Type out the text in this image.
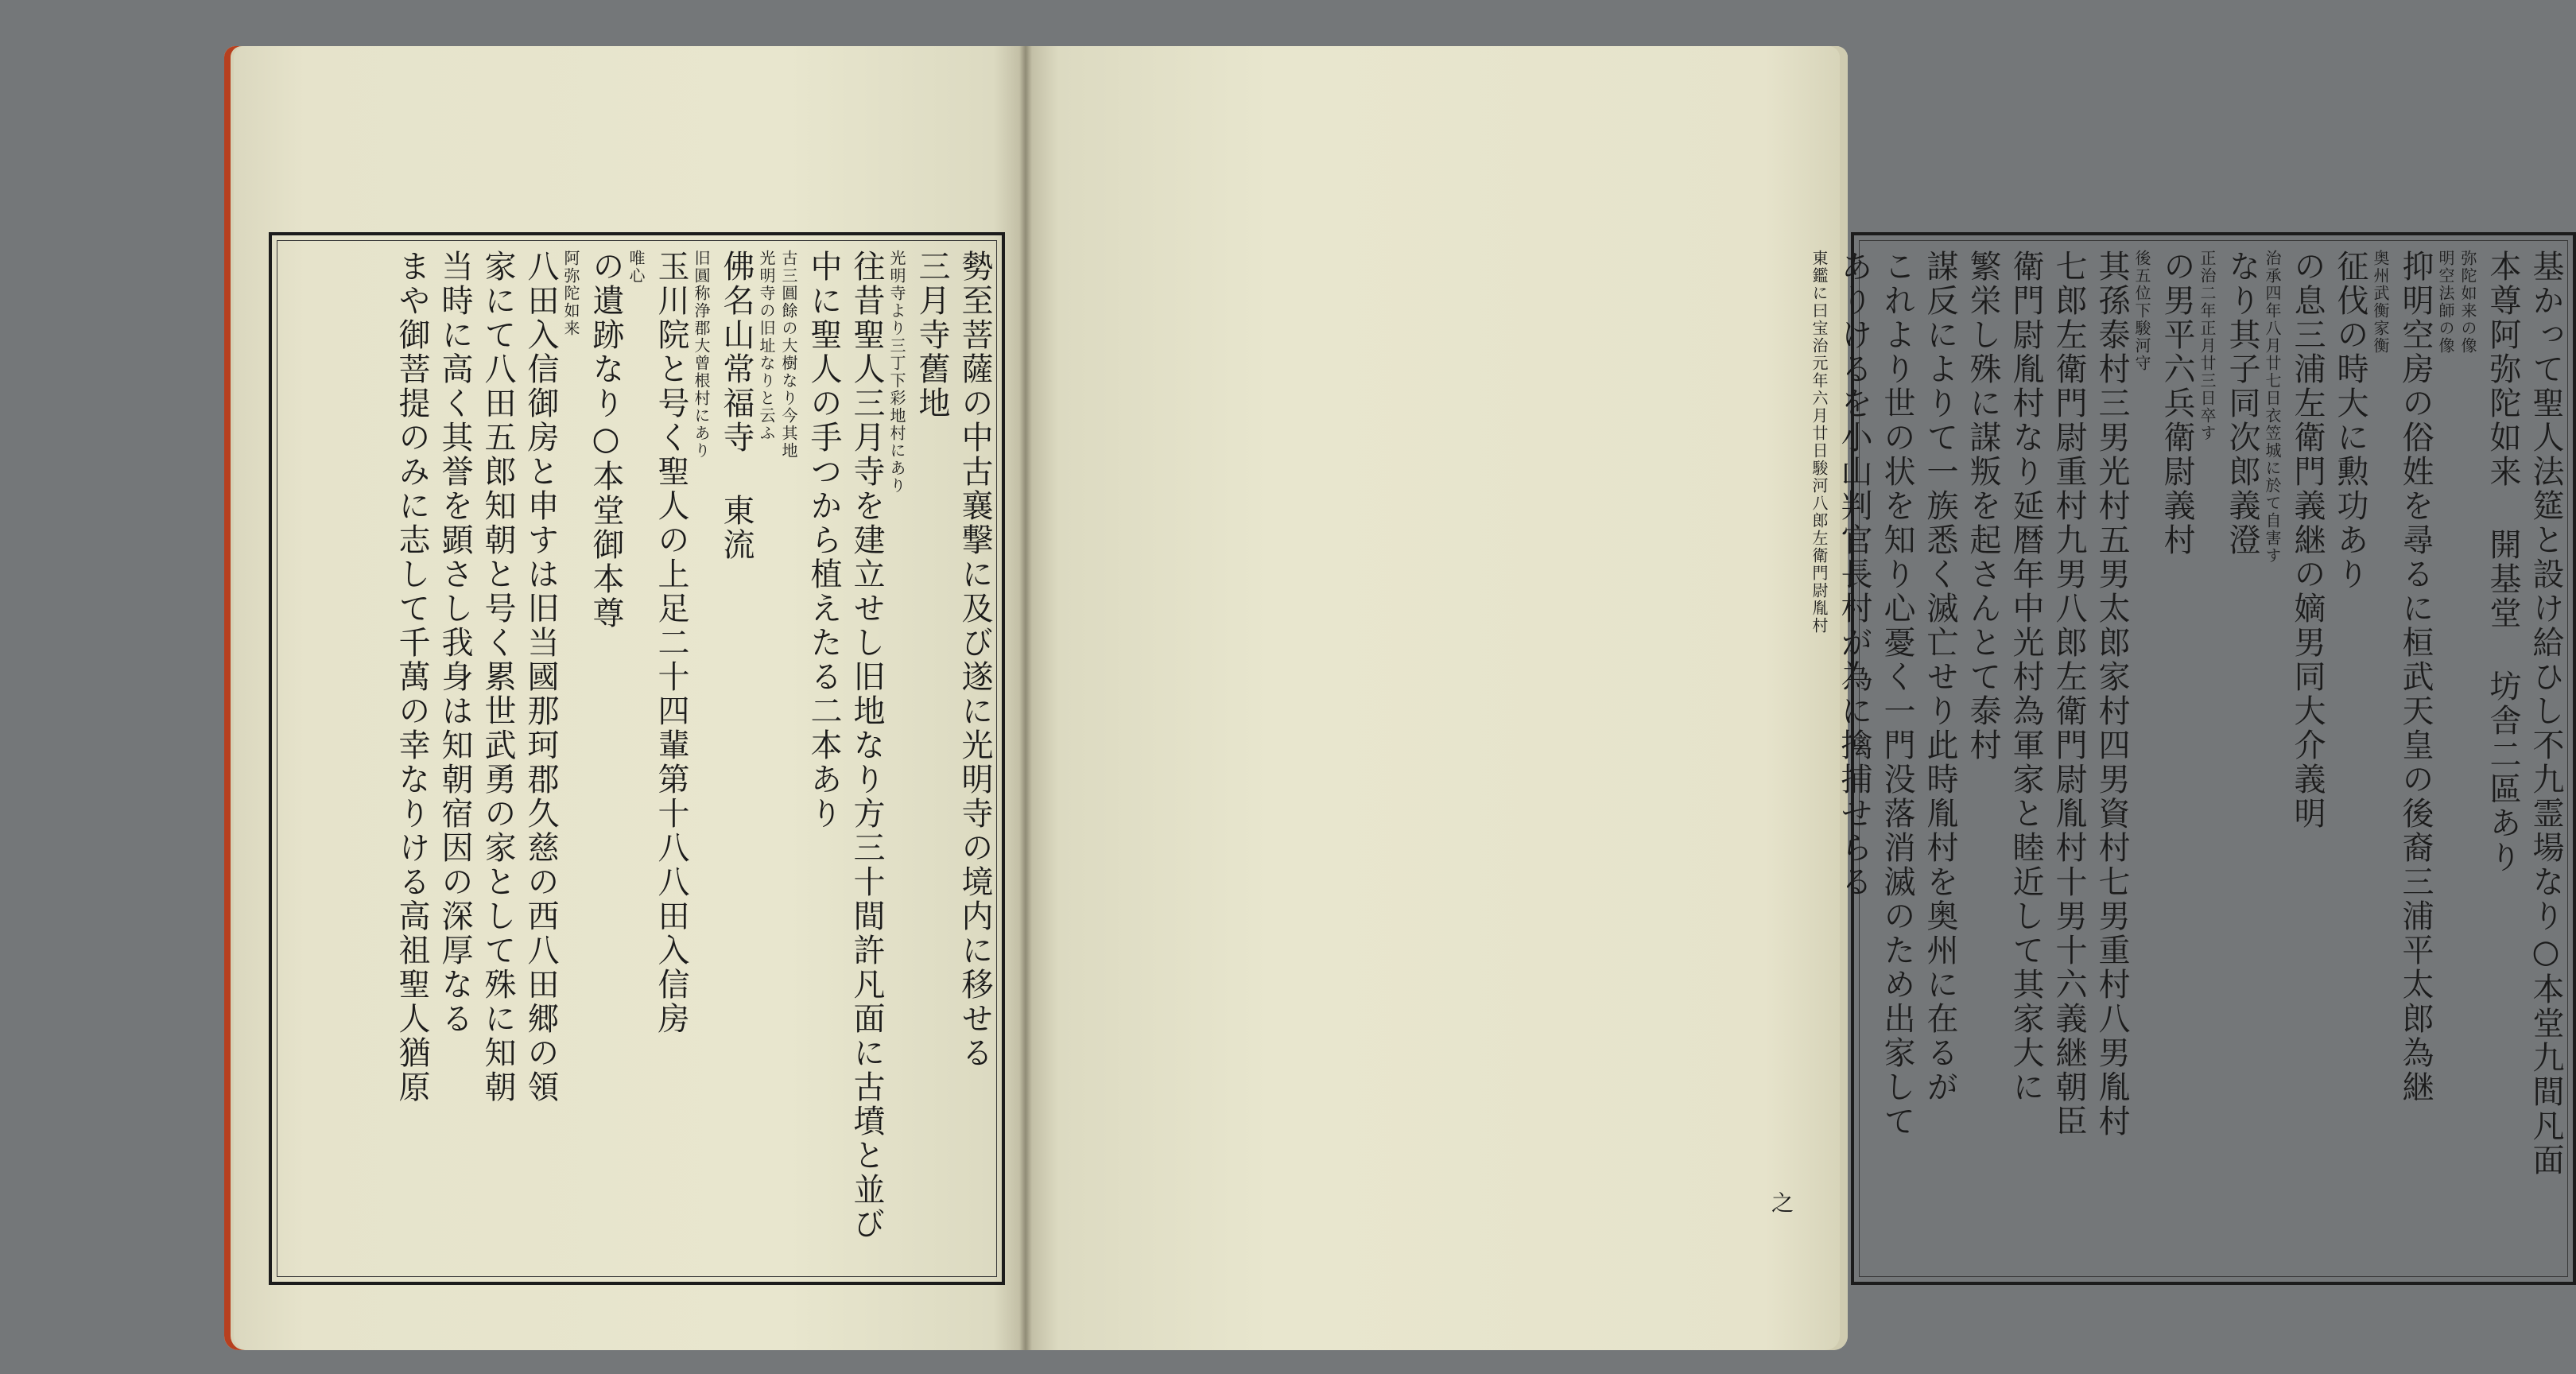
勢至菩薩の中古襄撃に及び遂に光明寺の境内に移せる
三月寺舊地
光明寺より三丁下彩地村にあり
往昔聖人三月寺を建立せし旧地なり方三十間許凡面に古墳と並び
中に聖人の手つから植えたる二本あり
古三圓餘の大樹なり今其地
光明寺の旧址なりと云ふ
佛名山常福寺 東流
旧圓称浄郡大曾根村にあり
玉川院と号く聖人の上足二十四輩第十八八田入信房
唯心
の遺跡なり○本堂御本尊
阿弥陀如来
八田入信御房と申すは旧当國那珂郡久慈の西八田郷の領
家にて八田五郎知朝と号く累世武勇の家として殊に知朝
当時に高く其誉を顕さし我身は知朝宿因の深厚なる
まや御菩提のみに志して千萬の幸なりける高祖聖人猶原	基かって聖人法筵と設け給ひし不九霊場なり○本堂九間凡面
本尊阿弥陀如来 開基堂 坊舎二區あり
弥陀如来の像
明空法師の像
抑明空房の俗姓を尋るに桓武天皇の後裔三浦平太郎為継
奥州武衡家衡
征伐の時大に勲功あり
の息三浦左衛門義継の嫡男同大介義明
治承四年八月廿七日衣笠城に於て自害す
なり其子同次郎義澄
正治二年正月廿三日卒す
の男平六兵衛尉義村
後五位下駿河守
其孫泰村三男光村五男太郎家村四男資村七男重村八男胤村
七郎左衛門尉重村九男八郎左衛門尉胤村十男十六義継朝臣
衛門尉胤村なり延暦年中光村為軍家と睦近して其家大に
繁栄し殊に謀叛を起さんとて泰村
謀反によりて一族悉く滅亡せり此時胤村を奥州に在るが
これより世の状を知り心憂く一門没落消滅のため出家して
ありけるを小山判官長村が為に擒捕せらる
東鑑に曰宝治元年六月廿日駿河八郎左衛門尉胤村
之
